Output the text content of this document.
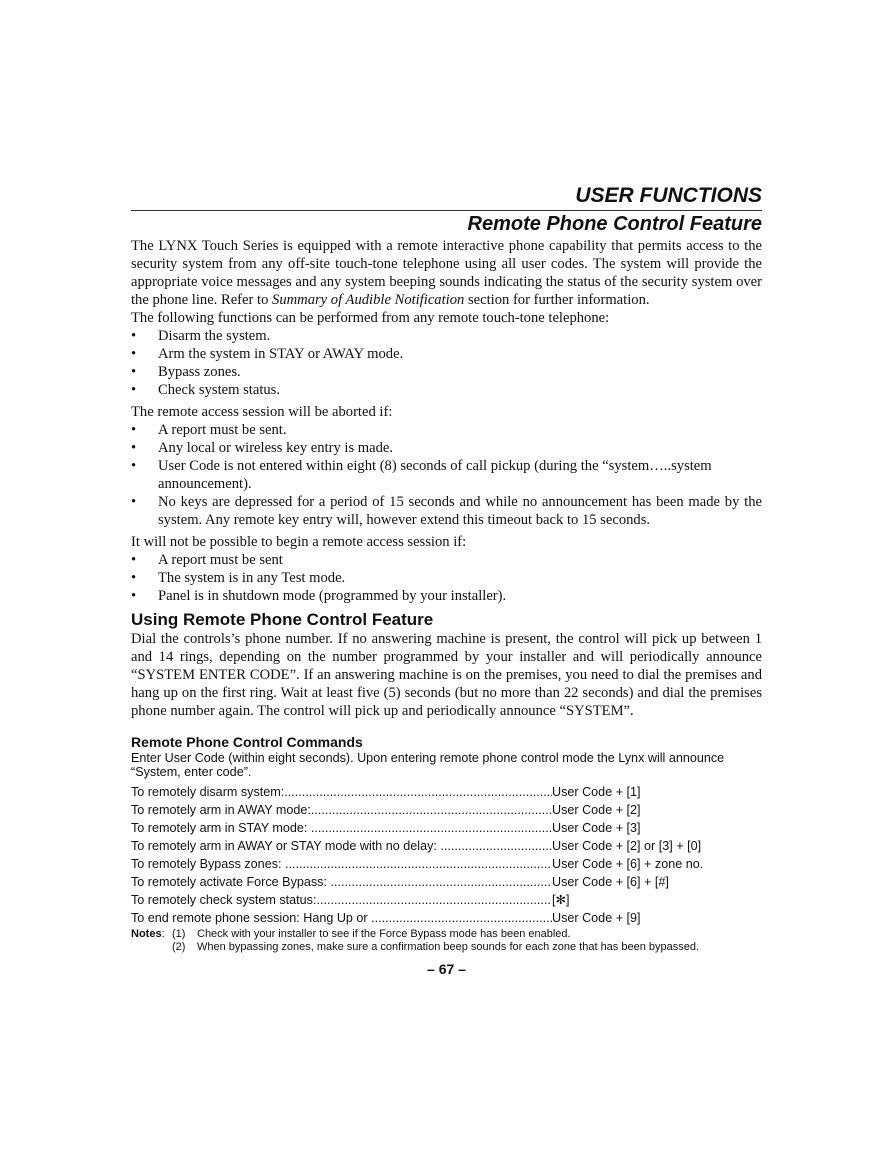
USER FUNCTIONS
Remote Phone Control Feature

The LYNX Touch Series is equipped with a remote interactive phone capability that permits access to the security system from any off-site touch-tone telephone using all user codes. The system will provide the appropriate voice messages and any system beeping sounds indicating the status of the security system over the phone line. Refer to Summary of Audible Notification section for further information.

The following functions can be performed from any remote touch-tone telephone:

•	Disarm the system.
•	Arm the system in STAY or AWAY mode.
•	Bypass zones.
•	Check system status.

The remote access session will be aborted if:

•	A report must be sent.
•	Any local or wireless key entry is made.
•	User Code is not entered within eight (8) seconds of call pickup (during the “system…..system announcement).
•	No keys are depressed for a period of 15 seconds and while no announcement has been made by the system. Any remote key entry will, however extend this timeout back to 15 seconds.

It will not be possible to begin a remote access session if:

•	A report must be sent
•	The system is in any Test mode.
•	Panel is in shutdown mode (programmed by your installer).
Using Remote Phone Control Feature

Dial the controls’s phone number. If no answering machine is present, the control will pick up between 1 and 14 rings, depending on the number programmed by your installer and will periodically announce “SYSTEM ENTER CODE”. If an answering machine is on the premises, you need to dial the premises and hang up on the first ring. Wait at least five (5) seconds (but no more than 22 seconds) and dial the premises phone number again. The control will pick up and periodically announce “SYSTEM”.

Remote Phone Control Commands

Enter User Code (within eight seconds). Upon entering remote phone control mode the Lynx will announce “System, enter code”.

To remotely disarm system: .....	User Code + [1]
To remotely arm in AWAY mode: .....	User Code + [2]
To remotely arm in STAY mode: .....	User Code + [3]
To remotely arm in AWAY or STAY mode with no delay: .....	User Code + [2] or [3] + [0]
To remotely Bypass zones: .....	User Code + [6] + zone no.
To remotely activate Force Bypass: .....	User Code + [6] + [#]
To remotely check system status: .....	[✻]
To end remote phone session: Hang Up or .....	User Code + [9]
Notes: (1)	Check with your installer to see if the Force Bypass mode has been enabled.
(2)	When bypassing zones, make sure a confirmation beep sounds for each zone that has been bypassed.
– 67 –
